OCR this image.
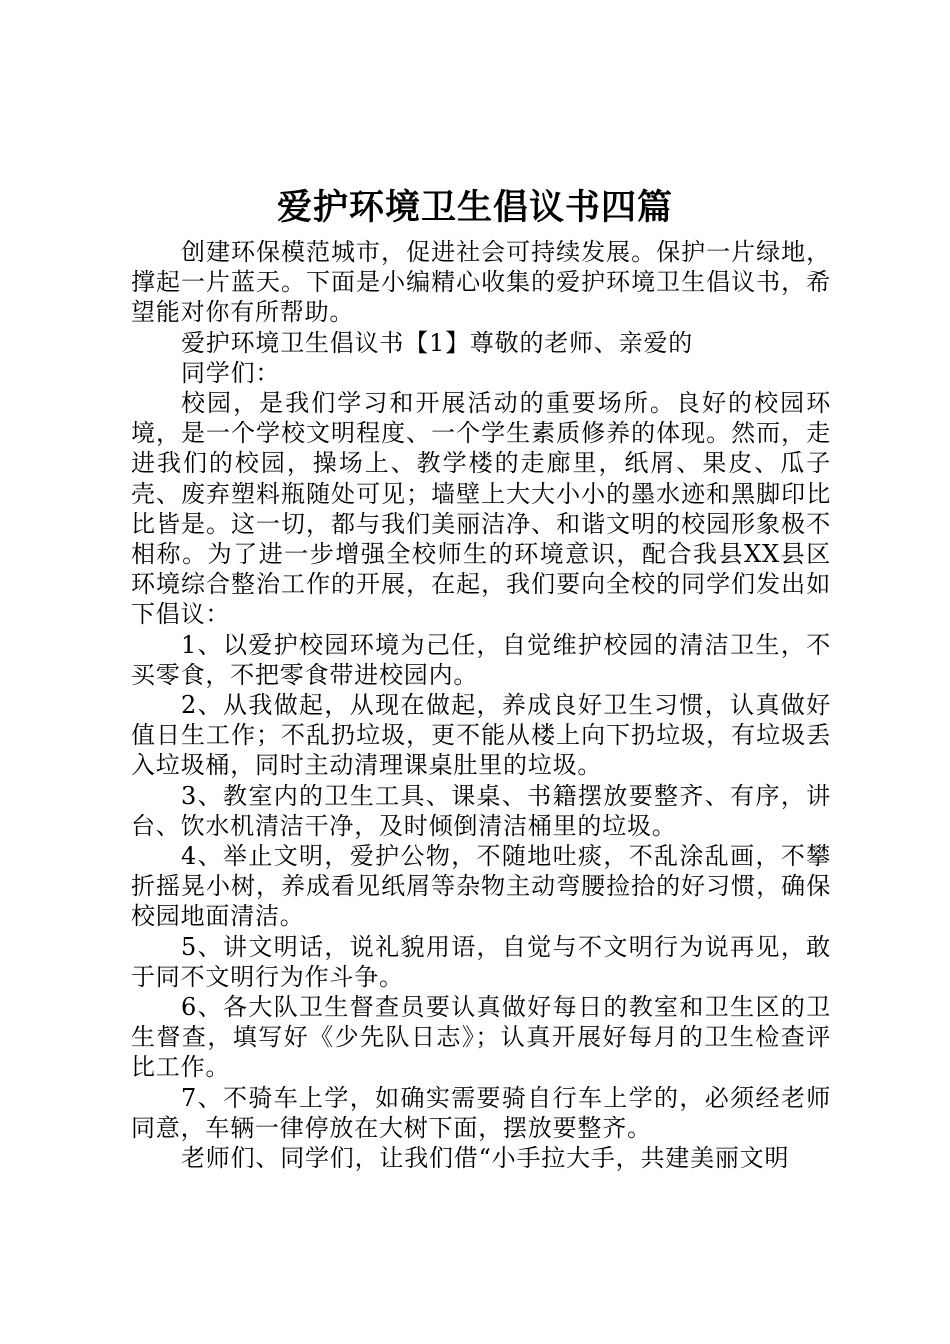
爱护环境卫生倡议书四篇

创建环保模范城市，促进社会可持续发展。保护一片绿地，撑起一片蓝天。下面是小编精心收集的爱护环境卫生倡议书，希望能对你有所帮助。

爱护环境卫生倡议书【1】尊敬的老师、亲爱的

同学们：

校园，是我们学习和开展活动的重要场所。良好的校园环境，是一个学校文明程度、一个学生素质修养的体现。然而，走进我们的校园，操场上、教学楼的走廊里，纸屑、果皮、瓜子壳、废弃塑料瓶随处可见；墙壁上大大小小的墨水迹和黑脚印比比皆是。这一切，都与我们美丽洁净、和谐文明的校园形象极不相称。为了进一步增强全校师生的环境意识，配合我县XX县区环境综合整治工作的开展，在起，我们要向全校的同学们发出如下倡议：

1、以爱护校园环境为己任，自觉维护校园的清洁卫生，不买零食，不把零食带进校园内。

2、从我做起，从现在做起，养成良好卫生习惯，认真做好值日生工作；不乱扔垃圾，更不能从楼上向下扔垃圾，有垃圾丢入垃圾桶，同时主动清理课桌肚里的垃圾。

3、教室内的卫生工具、课桌、书籍摆放要整齐、有序，讲台、饮水机清洁干净，及时倾倒清洁桶里的垃圾。

4、举止文明，爱护公物，不随地吐痰，不乱涂乱画，不攀折摇晃小树，养成看见纸屑等杂物主动弯腰捡拾的好习惯，确保校园地面清洁。

5、讲文明话，说礼貌用语，自觉与不文明行为说再见，敢于同不文明行为作斗争。

6、各大队卫生督查员要认真做好每日的教室和卫生区的卫生督查，填写好《少先队日志》；认真开展好每月的卫生检查评比工作。

7、不骑车上学，如确实需要骑自行车上学的，必须经老师同意，车辆一律停放在大树下面，摆放要整齐。

老师们、同学们，让我们借“小手拉大手，共建美丽文明
